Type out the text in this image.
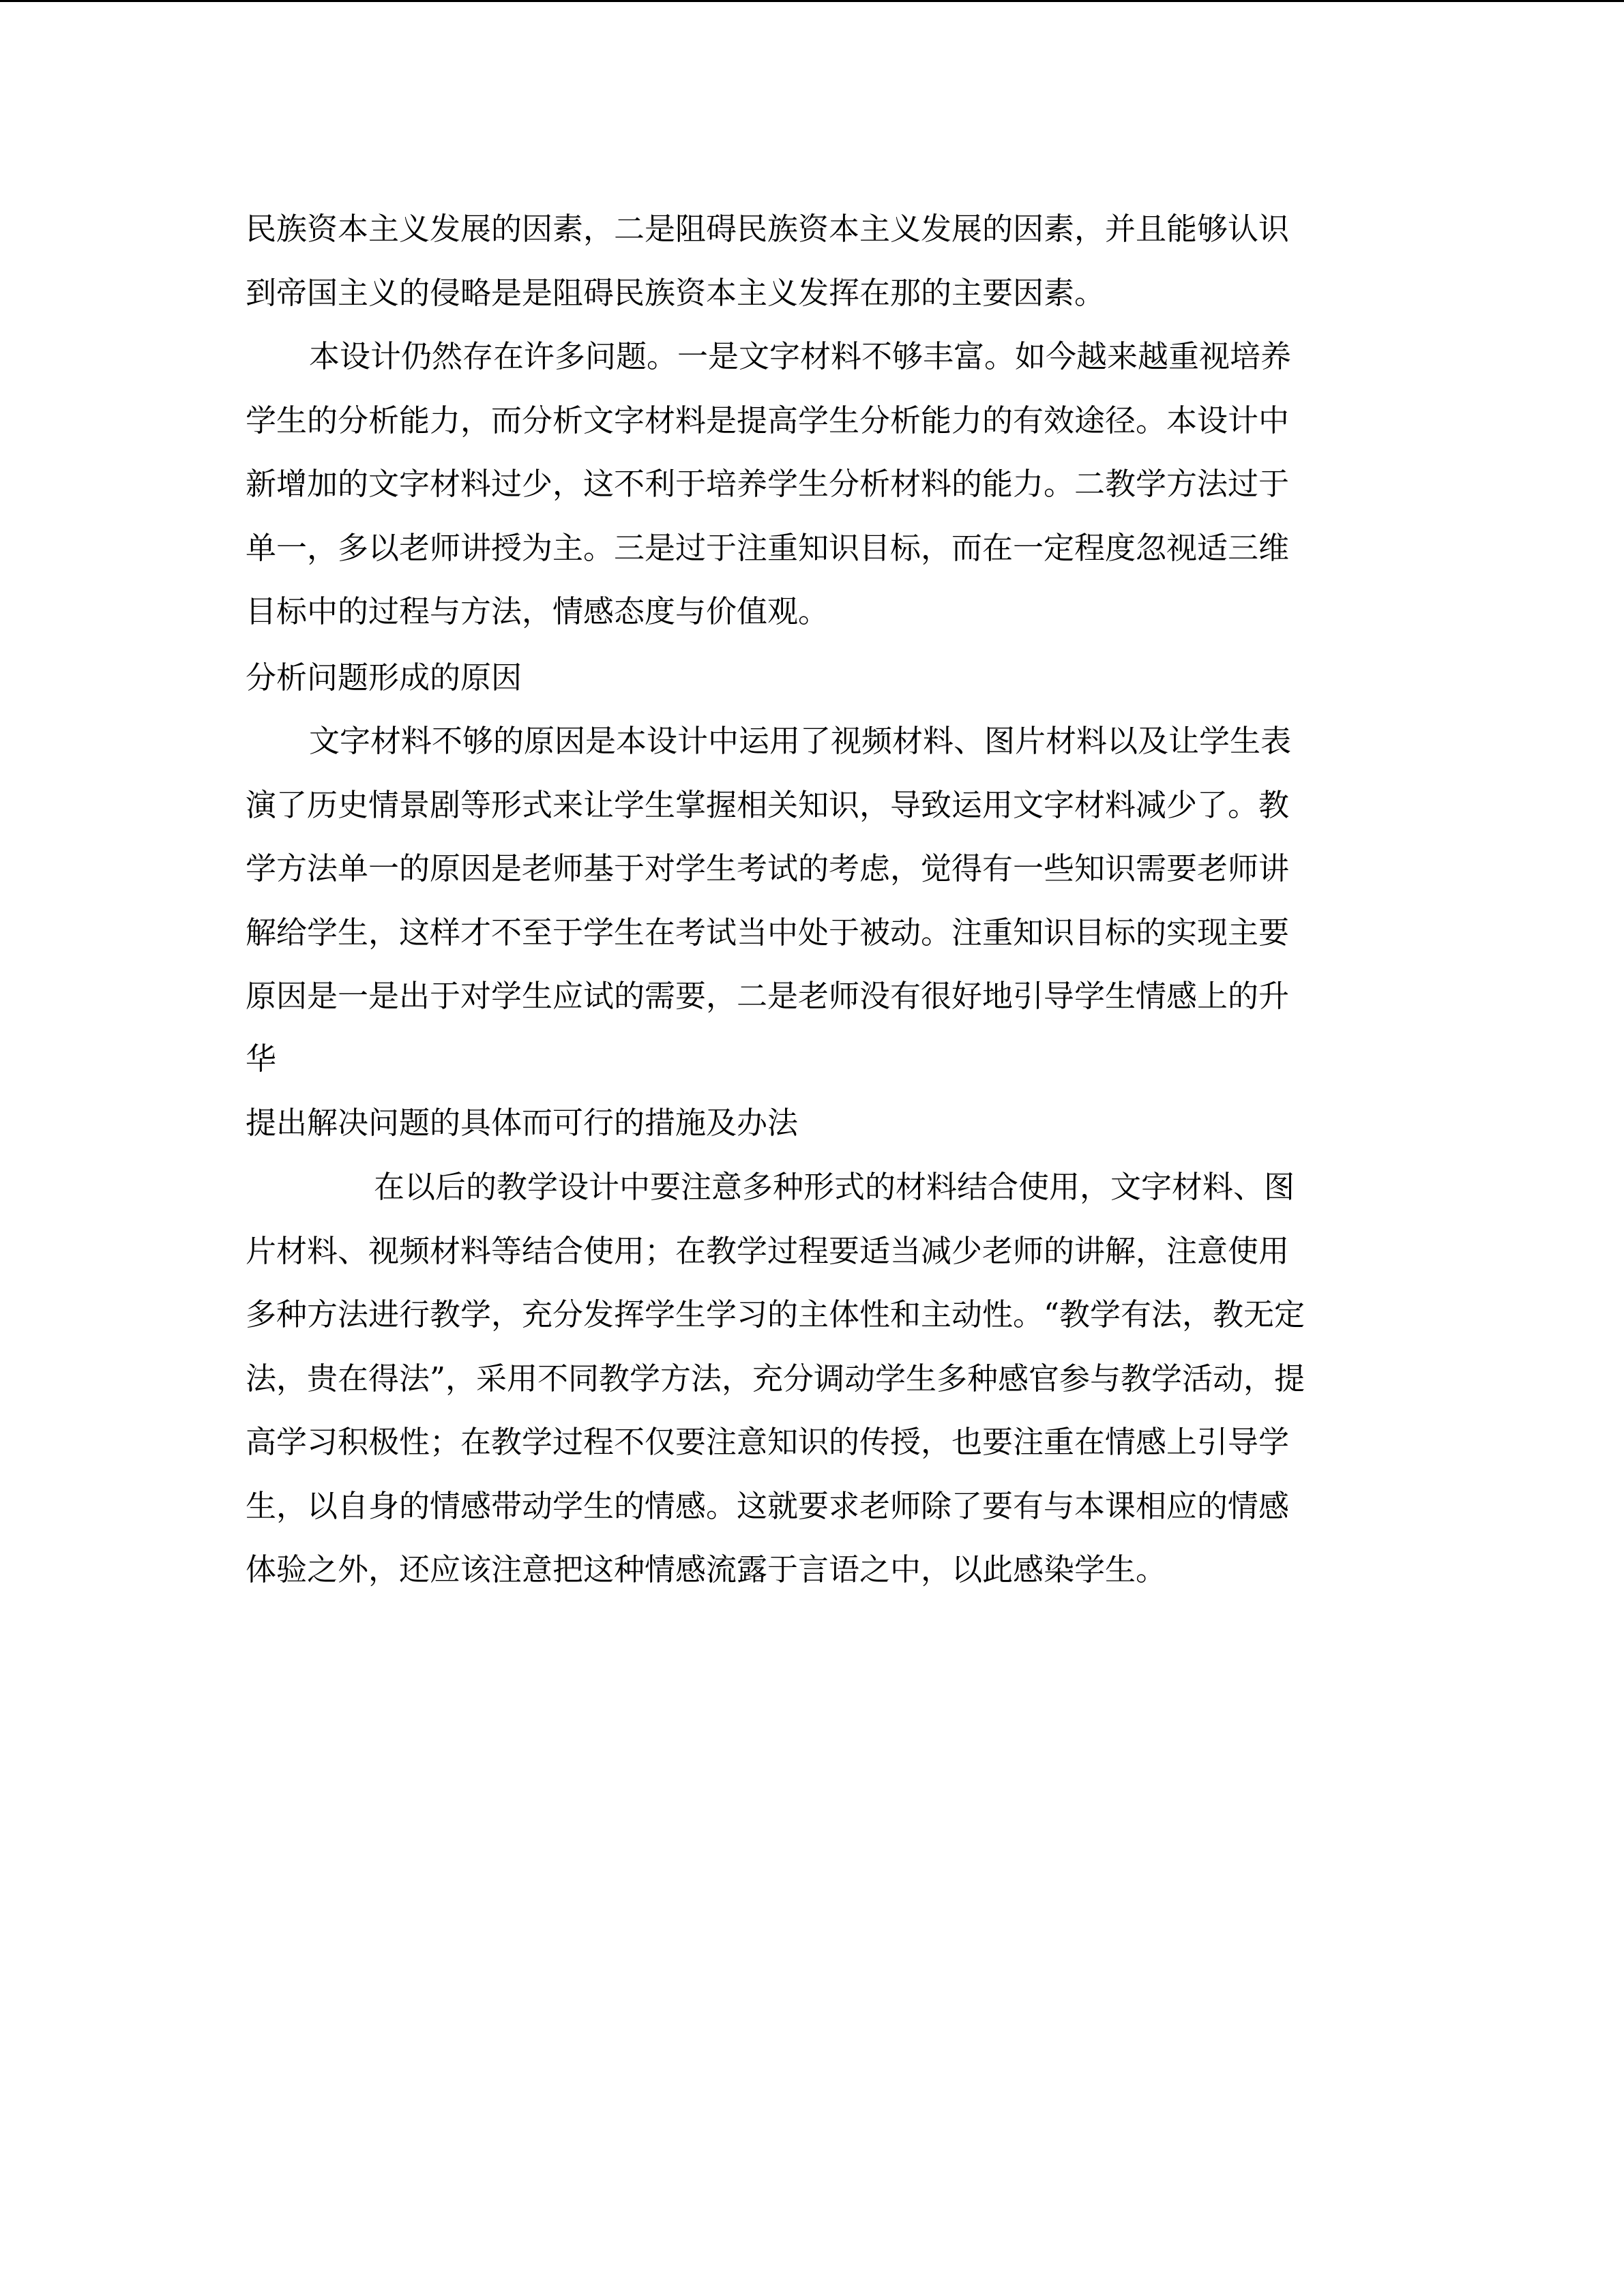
民族资本主义发展的因素，二是阻碍民族资本主义发展的因素，并且能够认识

到帝国主义的侵略是是阻碍民族资本主义发挥在那的主要因素。

本设计仍然存在许多问题。一是文字材料不够丰富。如今越来越重视培养

学生的分析能力，而分析文字材料是提高学生分析能力的有效途径。本设计中

新增加的文字材料过少，这不利于培养学生分析材料的能力。二教学方法过于

单一，多以老师讲授为主。三是过于注重知识目标，而在一定程度忽视适三维

目标中的过程与方法，情感态度与价值观。

分析问题形成的原因

文字材料不够的原因是本设计中运用了视频材料、图片材料以及让学生表

演了历史情景剧等形式来让学生掌握相关知识，导致运用文字材料减少了。教

学方法单一的原因是老师基于对学生考试的考虑，觉得有一些知识需要老师讲

解给学生，这样才不至于学生在考试当中处于被动。注重知识目标的实现主要

原因是一是出于对学生应试的需要，二是老师没有很好地引导学生情感上的升

华

提出解决问题的具体而可行的措施及办法

在以后的教学设计中要注意多种形式的材料结合使用，文字材料、图

片材料、视频材料等结合使用；在教学过程要适当减少老师的讲解，注意使用

多种方法进行教学，充分发挥学生学习的主体性和主动性。“教学有法，教无定

法，贵在得法”，采用不同教学方法，充分调动学生多种感官参与教学活动，提

高学习积极性；在教学过程不仅要注意知识的传授，也要注重在情感上引导学

生，以自身的情感带动学生的情感。这就要求老师除了要有与本课相应的情感

体验之外，还应该注意把这种情感流露于言语之中，以此感染学生。
